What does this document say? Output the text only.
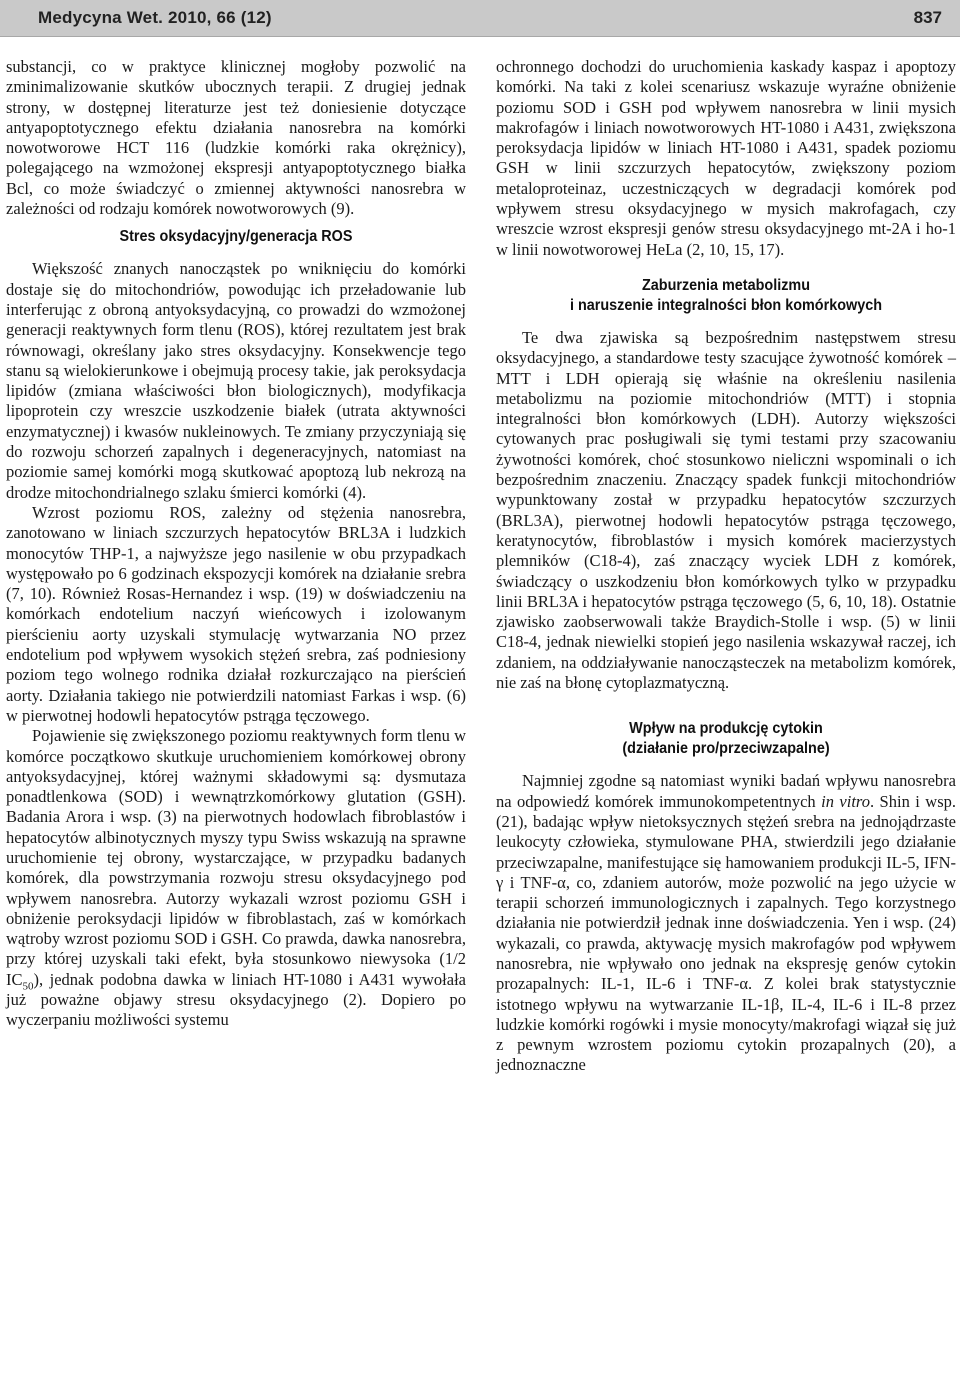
Medycyna Wet. 2010, 66 (12)	837

substancji, co w praktyce klinicznej mogłoby pozwolić na zminimalizowanie skutków ubocznych terapii. Z drugiej jednak strony, w dostępnej literaturze jest też doniesienie dotyczące antyapoptotycznego efektu działania nanosrebra na komórki nowotworowe HCT 116 (ludzkie komórki raka okrężnicy), polegającego na wzmożonej ekspresji antyapoptotycznego białka Bcl, co może świadczyć o zmiennej aktywności nanosrebra w zależności od rodzaju komórek nowotworowych (9).

Stres oksydacyjny/generacja ROS

Większość znanych nanocząstek po wniknięciu do komórki dostaje się do mitochondriów, powodując ich przeładowanie lub interferując z obroną antyoksydacyjną, co prowadzi do wzmożonej generacji reaktywnych form tlenu (ROS), której rezultatem jest brak równowagi, określany jako stres oksydacyjny. Konsekwencje tego stanu są wielokierunkowe i obejmują procesy takie, jak peroksydacja lipidów (zmiana właściwości błon biologicznych), modyfikacja lipoprotein czy wreszcie uszkodzenie białek (utrata aktywności enzymatycznej) i kwasów nukleinowych. Te zmiany przyczyniają się do rozwoju schorzeń zapalnych i degeneracyjnych, natomiast na poziomie samej komórki mogą skutkować apoptozą lub nekrozą na drodze mitochondrialnego szlaku śmierci komórki (4).

Wzrost poziomu ROS, zależny od stężenia nanosrebra, zanotowano w liniach szczurzych hepatocytów BRL3A i ludzkich monocytów THP-1, a najwyższe jego nasilenie w obu przypadkach występowało po 6 godzinach ekspozycji komórek na działanie srebra (7, 10). Również Rosas-Hernandez i wsp. (19) w doświadczeniu na komórkach endotelium naczyń wieńcowych i izolowanym pierścieniu aorty uzyskali stymulację wytwarzania NO przez endotelium pod wpływem wysokich stężeń srebra, zaś podniesiony poziom tego wolnego rodnika działał rozkurczająco na pierścień aorty. Działania takiego nie potwierdzili natomiast Farkas i wsp. (6) w pierwotnej hodowli hepatocytów pstrąga tęczowego.

Pojawienie się zwiększonego poziomu reaktywnych form tlenu w komórce początkowo skutkuje uruchomieniem komórkowej obrony antyoksydacyjnej, której ważnymi składowymi są: dysmutaza ponadtlenkowa (SOD) i wewnątrzkomórkowy glutation (GSH). Badania Arora i wsp. (3) na pierwotnych hodowlach fibroblastów i hepatocytów albinotycznych myszy typu Swiss wskazują na sprawne uruchomienie tej obrony, wystarczające, w przypadku badanych komórek, dla powstrzymania rozwoju stresu oksydacyjnego pod wpływem nanosrebra. Autorzy wykazali wzrost poziomu GSH i obniżenie peroksydacji lipidów w fibroblastach, zaś w komórkach wątroby wzrost poziomu SOD i GSH. Co prawda, dawka nanosrebra, przy której uzyskali taki efekt, była stosunkowo niewysoka (1/2 $IC_{50}$), jednak podobna dawka w liniach HT-1080 i A431 wywołała już poważne objawy stresu oksydacyjnego (2). Dopiero po wyczerpaniu możliwości systemu

ochronnego dochodzi do uruchomienia kaskady kaspaz i apoptozy komórki. Na taki z kolei scenariusz wskazuje wyraźne obniżenie poziomu SOD i GSH pod wpływem nanosrebra w linii mysich makrofagów i liniach nowotworowych HT-1080 i A431, zwiększona peroksydacja lipidów w liniach HT-1080 i A431, spadek poziomu GSH w linii szczurzych hepatocytów, zwiększony poziom metaloproteinaz, uczestniczących w degradacji komórek pod wpływem stresu oksydacyjnego w mysich makrofagach, czy wreszcie wzrost ekspresji genów stresu oksydacyjnego mt-2A i ho-1 w linii nowotworowej HeLa (2, 10, 15, 17).

Zaburzenia metabolizmu
i naruszenie integralności błon komórkowych

Te dwa zjawiska są bezpośrednim następstwem stresu oksydacyjnego, a standardowe testy szacujące żywotność komórek – MTT i LDH opierają się właśnie na określeniu nasilenia metabolizmu na poziomie mitochondriów (MTT) i stopnia integralności błon komórkowych (LDH). Autorzy większości cytowanych prac posługiwali się tymi testami przy szacowaniu żywotności komórek, choć stosunkowo nieliczni wspominali o ich bezpośrednim znaczeniu. Znaczący spadek funkcji mitochondriów wypunktowany został w przypadku hepatocytów szczurzych (BRL3A), pierwotnej hodowli hepatocytów pstrąga tęczowego, keratynocytów, fibroblastów i mysich komórek macierzystych plemników (C18-4), zaś znaczący wyciek LDH z komórek, świadczący o uszkodzeniu błon komórkowych tylko w przypadku linii BRL3A i hepatocytów pstrąga tęczowego (5, 6, 10, 18). Ostatnie zjawisko zaobserwowali także Braydich-Stolle i wsp. (5) w linii C18-4, jednak niewielki stopień jego nasilenia wskazywał raczej, ich zdaniem, na oddziaływanie nanocząsteczek na metabolizm komórek, nie zaś na błonę cytoplazmatyczną.

Wpływ na produkcję cytokin
(działanie pro/przeciwzapalne)

Najmniej zgodne są natomiast wyniki badań wpływu nanosrebra na odpowiedź komórek immunokompetentnych in vitro. Shin i wsp. (21), badając wpływ nietoksycznych stężeń srebra na jednojądrzaste leukocyty człowieka, stymulowane PHA, stwierdzili jego działanie przeciwzapalne, manifestujące się hamowaniem produkcji IL-5, IFN-γ i TNF-α, co, zdaniem autorów, może pozwolić na jego użycie w terapii schorzeń immunologicznych i zapalnych. Tego korzystnego działania nie potwierdził jednak inne doświadczenia. Yen i wsp. (24) wykazali, co prawda, aktywację mysich makrofagów pod wpływem nanosrebra, nie wpływało ono jednak na ekspresję genów cytokin prozapalnych: IL-1, IL-6 i TNF-α. Z kolei brak statystycznie istotnego wpływu na wytwarzanie IL-1β, IL-4, IL-6 i IL-8 przez ludzkie komórki rogówki i mysie monocyty/makrofagi wiązał się już z pewnym wzrostem poziomu cytokin prozapalnych (20), a jednoznaczne
